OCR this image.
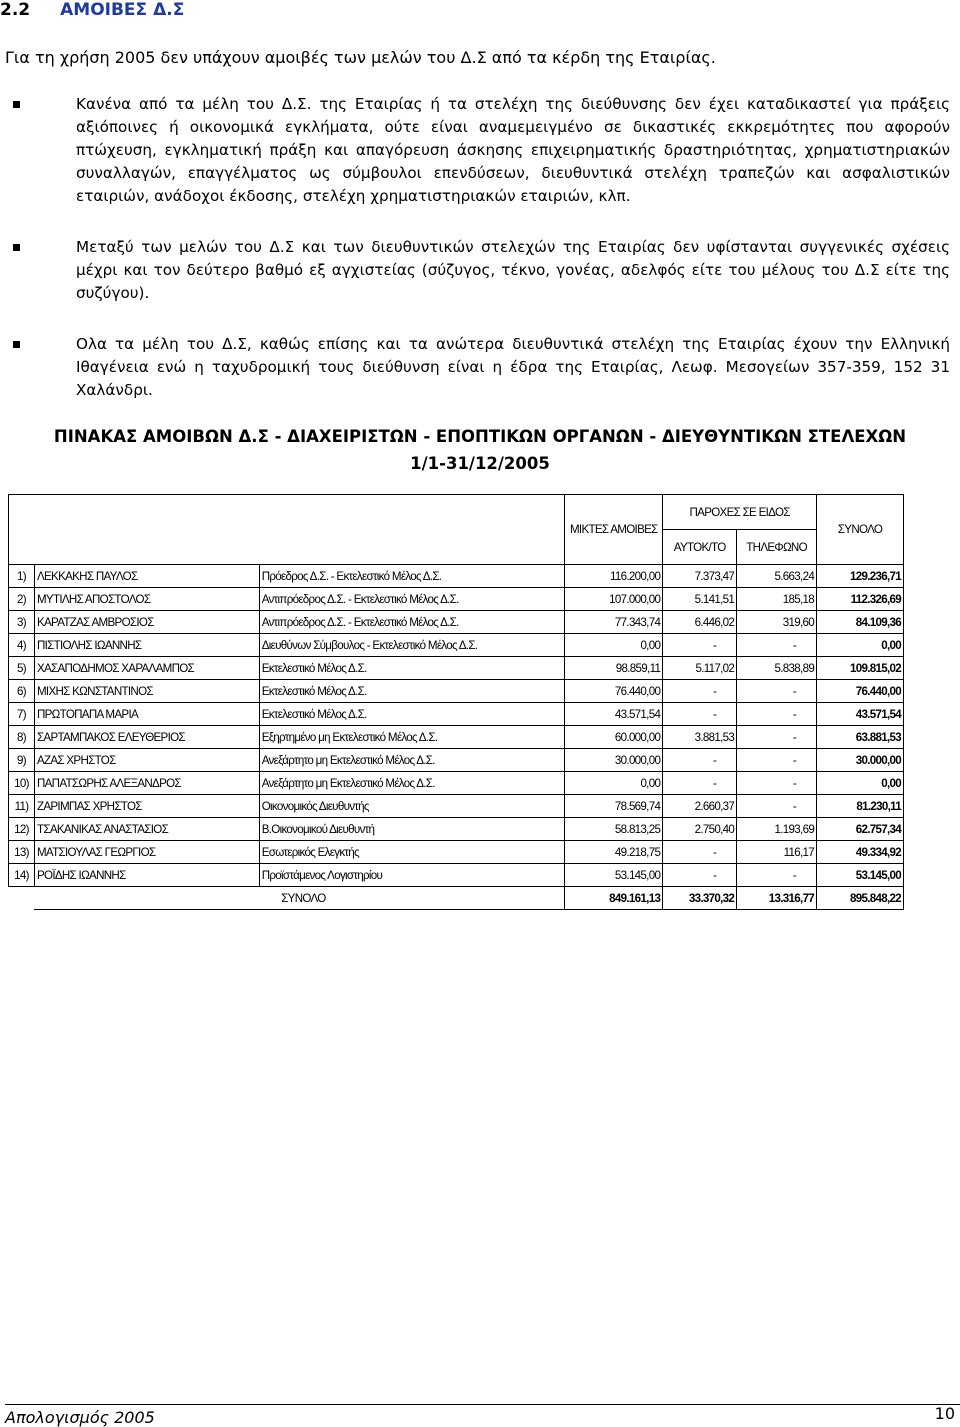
2.2 ΑΜΟΙΒΕΣ Δ.Σ
Για τη χρήση 2005 δεν υπάχουν αμοιβές των μελών του Δ.Σ από τα κέρδη της Εταιρίας.
Κανένα από τα μέλη του Δ.Σ. της Εταιρίας ή τα στελέχη της διεύθυνσης δεν έχει καταδικαστεί για πράξεις αξιόποινες ή οικονομικά εγκλήματα, ούτε είναι αναμεμειγμένο σε δικαστικές εκκρεμότητες που αφορούν πτώχευση, εγκληματική πράξη και απαγόρευση άσκησης επιχειρηματικής δραστηριότητας, χρηματιστηριακών συναλλαγών, επαγγέλματος ως σύμβουλοι επενδύσεων, διευθυντικά στελέχη τραπεζών και ασφαλιστικών εταιριών, ανάδοχοι έκδοσης, στελέχη χρηματιστηριακών εταιριών, κλπ.
Μεταξύ των μελών του Δ.Σ και των διευθυντικών στελεχών της Εταιρίας δεν υφίστανται συγγενικές σχέσεις μέχρι και τον δεύτερο βαθμό εξ αγχιστείας (σύζυγος, τέκνο, γονέας, αδελφός είτε του μέλους του Δ.Σ είτε της συζύγου).
Ολα τα μέλη του Δ.Σ, καθώς επίσης και τα ανώτερα διευθυντικά στελέχη της Εταιρίας έχουν την Ελληνική Ιθαγένεια ενώ η ταχυδρομική τους διεύθυνση είναι η έδρα της Εταιρίας, Λεωφ. Μεσογείων 357-359, 152 31 Χαλάνδρι.
ΠΙΝΑΚΑΣ ΑΜΟΙΒΩΝ Δ.Σ - ΔΙΑΧΕΙΡΙΣΤΩΝ - ΕΠΟΠΤΙΚΩΝ ΟΡΓΑΝΩΝ - ΔΙΕΥΘΥΝΤΙΚΩΝ ΣΤΕΛΕΧΩΝ
1/1-31/12/2005
			ΜΙΚΤΕΣ ΑΜΟΙΒΕΣ	ΠΑΡΟΧΕΣ ΣΕ ΕΙΔΟΣ		ΣΥΝΟΛΟ
				ΑΥΤΟΚ/ΤΟ	ΤΗΛΕΦΩΝΟ	
1)	ΛΕΚΚΑΚΗΣ ΠΑΥΛΟΣ	Πρόεδρος Δ.Σ. - Εκτελεστικό Μέλος Δ.Σ.	116.200,00	7.373,47	5.663,24	129.236,71
2)	ΜΥΤΙΛΗΣ ΑΠΟΣΤΟΛΟΣ	Αντιπρόεδρος Δ.Σ. - Εκτελεστικό Μέλος Δ.Σ.	107.000,00	5.141,51	185,18	112.326,69
3)	ΚΑΡΑΤΖΑΣ ΑΜΒΡΟΣΙΟΣ	Αντιπρόεδρος Δ.Σ. - Εκτελεστικό Μέλος Δ.Σ.	77.343,74	6.446,02	319,60	84.109,36
4)	ΠΙΣΤΙΟΛΗΣ ΙΩΑΝΝΗΣ	Διευθύνων Σύμβουλος - Εκτελεστικό Μέλος Δ.Σ.	0,00	-	-	0,00
5)	ΧΑΣΑΠΟΔΗΜΟΣ ΧΑΡΑΛΑΜΠΟΣ	Εκτελεστικό Μέλος Δ.Σ.	98.859,11	5.117,02	5.838,89	109.815,02
6)	ΜΙΧΗΣ ΚΩΝΣΤΑΝΤΙΝΟΣ	Εκτελεστικό Μέλος Δ.Σ.	76.440,00	-	-	76.440,00
7)	ΠΡΩΤΟΠΑΠΑ ΜΑΡΙΑ	Εκτελεστικό Μέλος Δ.Σ.	43.571,54	-	-	43.571,54
8)	ΣΑΡΤΑΜΠΑΚΟΣ ΕΛΕΥΘΕΡΙΟΣ	Εξηρτημένο μη Εκτελεστικό Μέλος Δ.Σ.	60.000,00	3.881,53	-	63.881,53
9)	ΑΖΑΣ ΧΡΗΣΤΟΣ	Ανεξάρτητο μη Εκτελεστικό Μέλος Δ.Σ.	30.000,00	-	-	30.000,00
10)	ΠΑΠΑΤΣΩΡΗΣ ΑΛΕΞΑΝΔΡΟΣ	Ανεξάρτητο μη Εκτελεστικό Μέλος Δ.Σ.	0,00	-	-	0,00
11)	ΖΑΡΙΜΠΑΣ ΧΡΗΣΤΟΣ	Οικονομικός Διευθυντής	78.569,74	2.660,37	-	81.230,11
12)	ΤΣΑΚΑΝΙΚΑΣ ΑΝΑΣΤΑΣΙΟΣ	Β.Οικονομικού Διευθυντή	58.813,25	2.750,40	1.193,69	62.757,34
13)	ΜΑΤΣΙΟΥΛΑΣ ΓΕΩΡΓΙΟΣ	Εσωτερικός Ελεγκτής	49.218,75	-	116,17	49.334,92
14)	ΡΟΪΔΗΣ ΙΩΑΝΝΗΣ	Προϊστάμενος Λογιστηρίου	53.145,00	-	-	53.145,00
		ΣΥΝΟΛΟ	849.161,13	33.370,32	13.316,77	895.848,22
Απολογισμός 2005	10
